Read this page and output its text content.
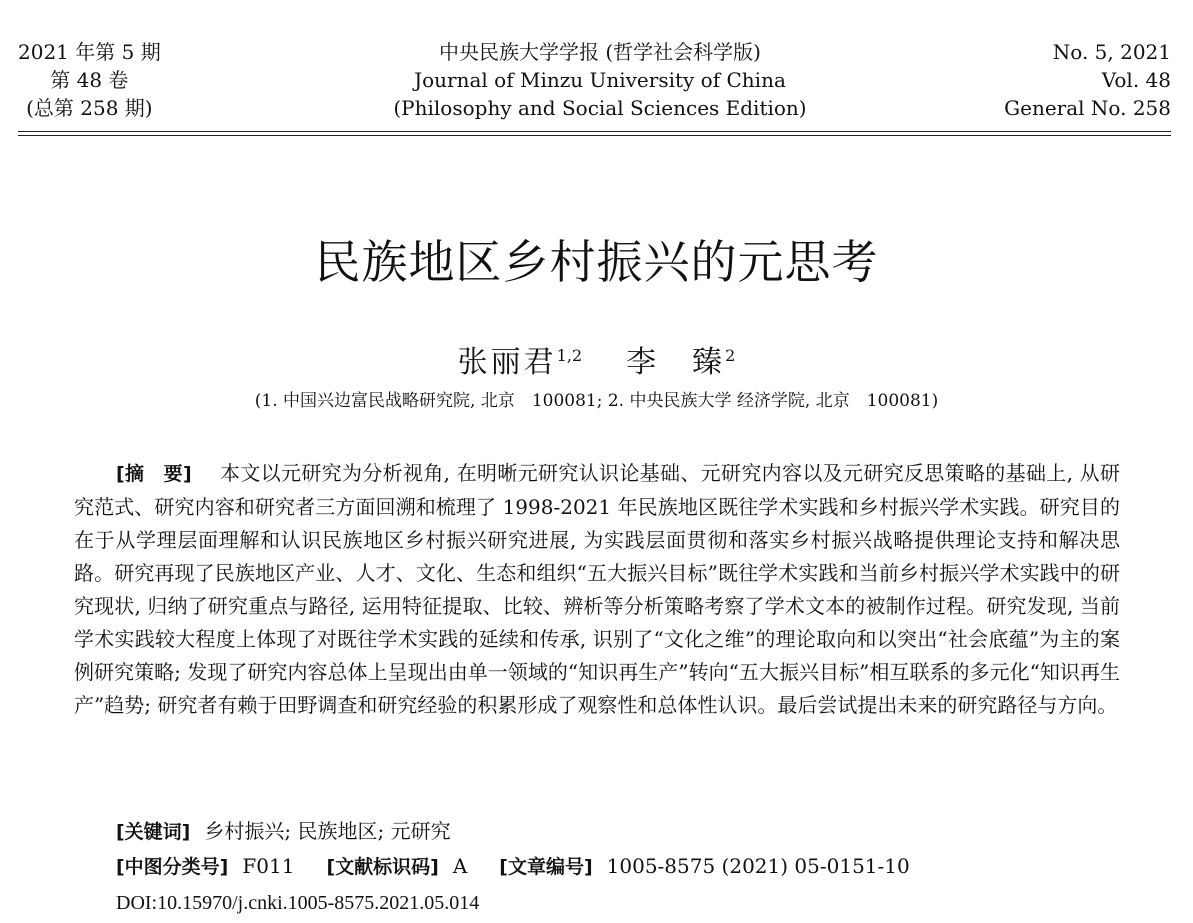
2021 年第 5 期
第 48 卷
(总第 258 期)
中央民族大学学报 (哲学社会科学版)
Journal of Minzu University of China
(Philosophy and Social Sciences Edition)
No. 5, 2021
Vol. 48
General No. 258
民族地区乡村振兴的元思考
张丽君$^{1,2}$ 李　臻$^2$
(1. 中国兴边富民战略研究院, 北京　100081; 2. 中央民族大学 经济学院, 北京　100081)
[摘　要] 本文以元研究为分析视角, 在明晰元研究认识论基础、元研究内容以及元研究反思策略的基础上, 从研究范式、研究内容和研究者三方面回溯和梳理了 1998-2021 年民族地区既往学术实践和乡村振兴学术实践。研究目的在于从学理层面理解和认识民族地区乡村振兴研究进展, 为实践层面贯彻和落实乡村振兴战略提供理论支持和解决思路。研究再现了民族地区产业、人才、文化、生态和组织“五大振兴目标”既往学术实践和当前乡村振兴学术实践中的研究现状, 归纳了研究重点与路径, 运用特征提取、比较、辨析等分析策略考察了学术文本的被制作过程。研究发现, 当前学术实践较大程度上体现了对既往学术实践的延续和传承, 识别了“文化之维”的理论取向和以突出“社会底蕴”为主的案例研究策略; 发现了研究内容总体上呈现出由单一领域的“知识再生产”转向“五大振兴目标”相互联系的多元化“知识再生产”趋势; 研究者有赖于田野调查和研究经验的积累形成了观察性和总体性认识。最后尝试提出未来的研究路径与方向。
[关键词] 乡村振兴; 民族地区; 元研究
[中图分类号] F011 [文献标识码] A [文章编号] 1005-8575 (2021) 05-0151-10
DOI:10.15970/j.cnki.1005-8575.2021.05.014
